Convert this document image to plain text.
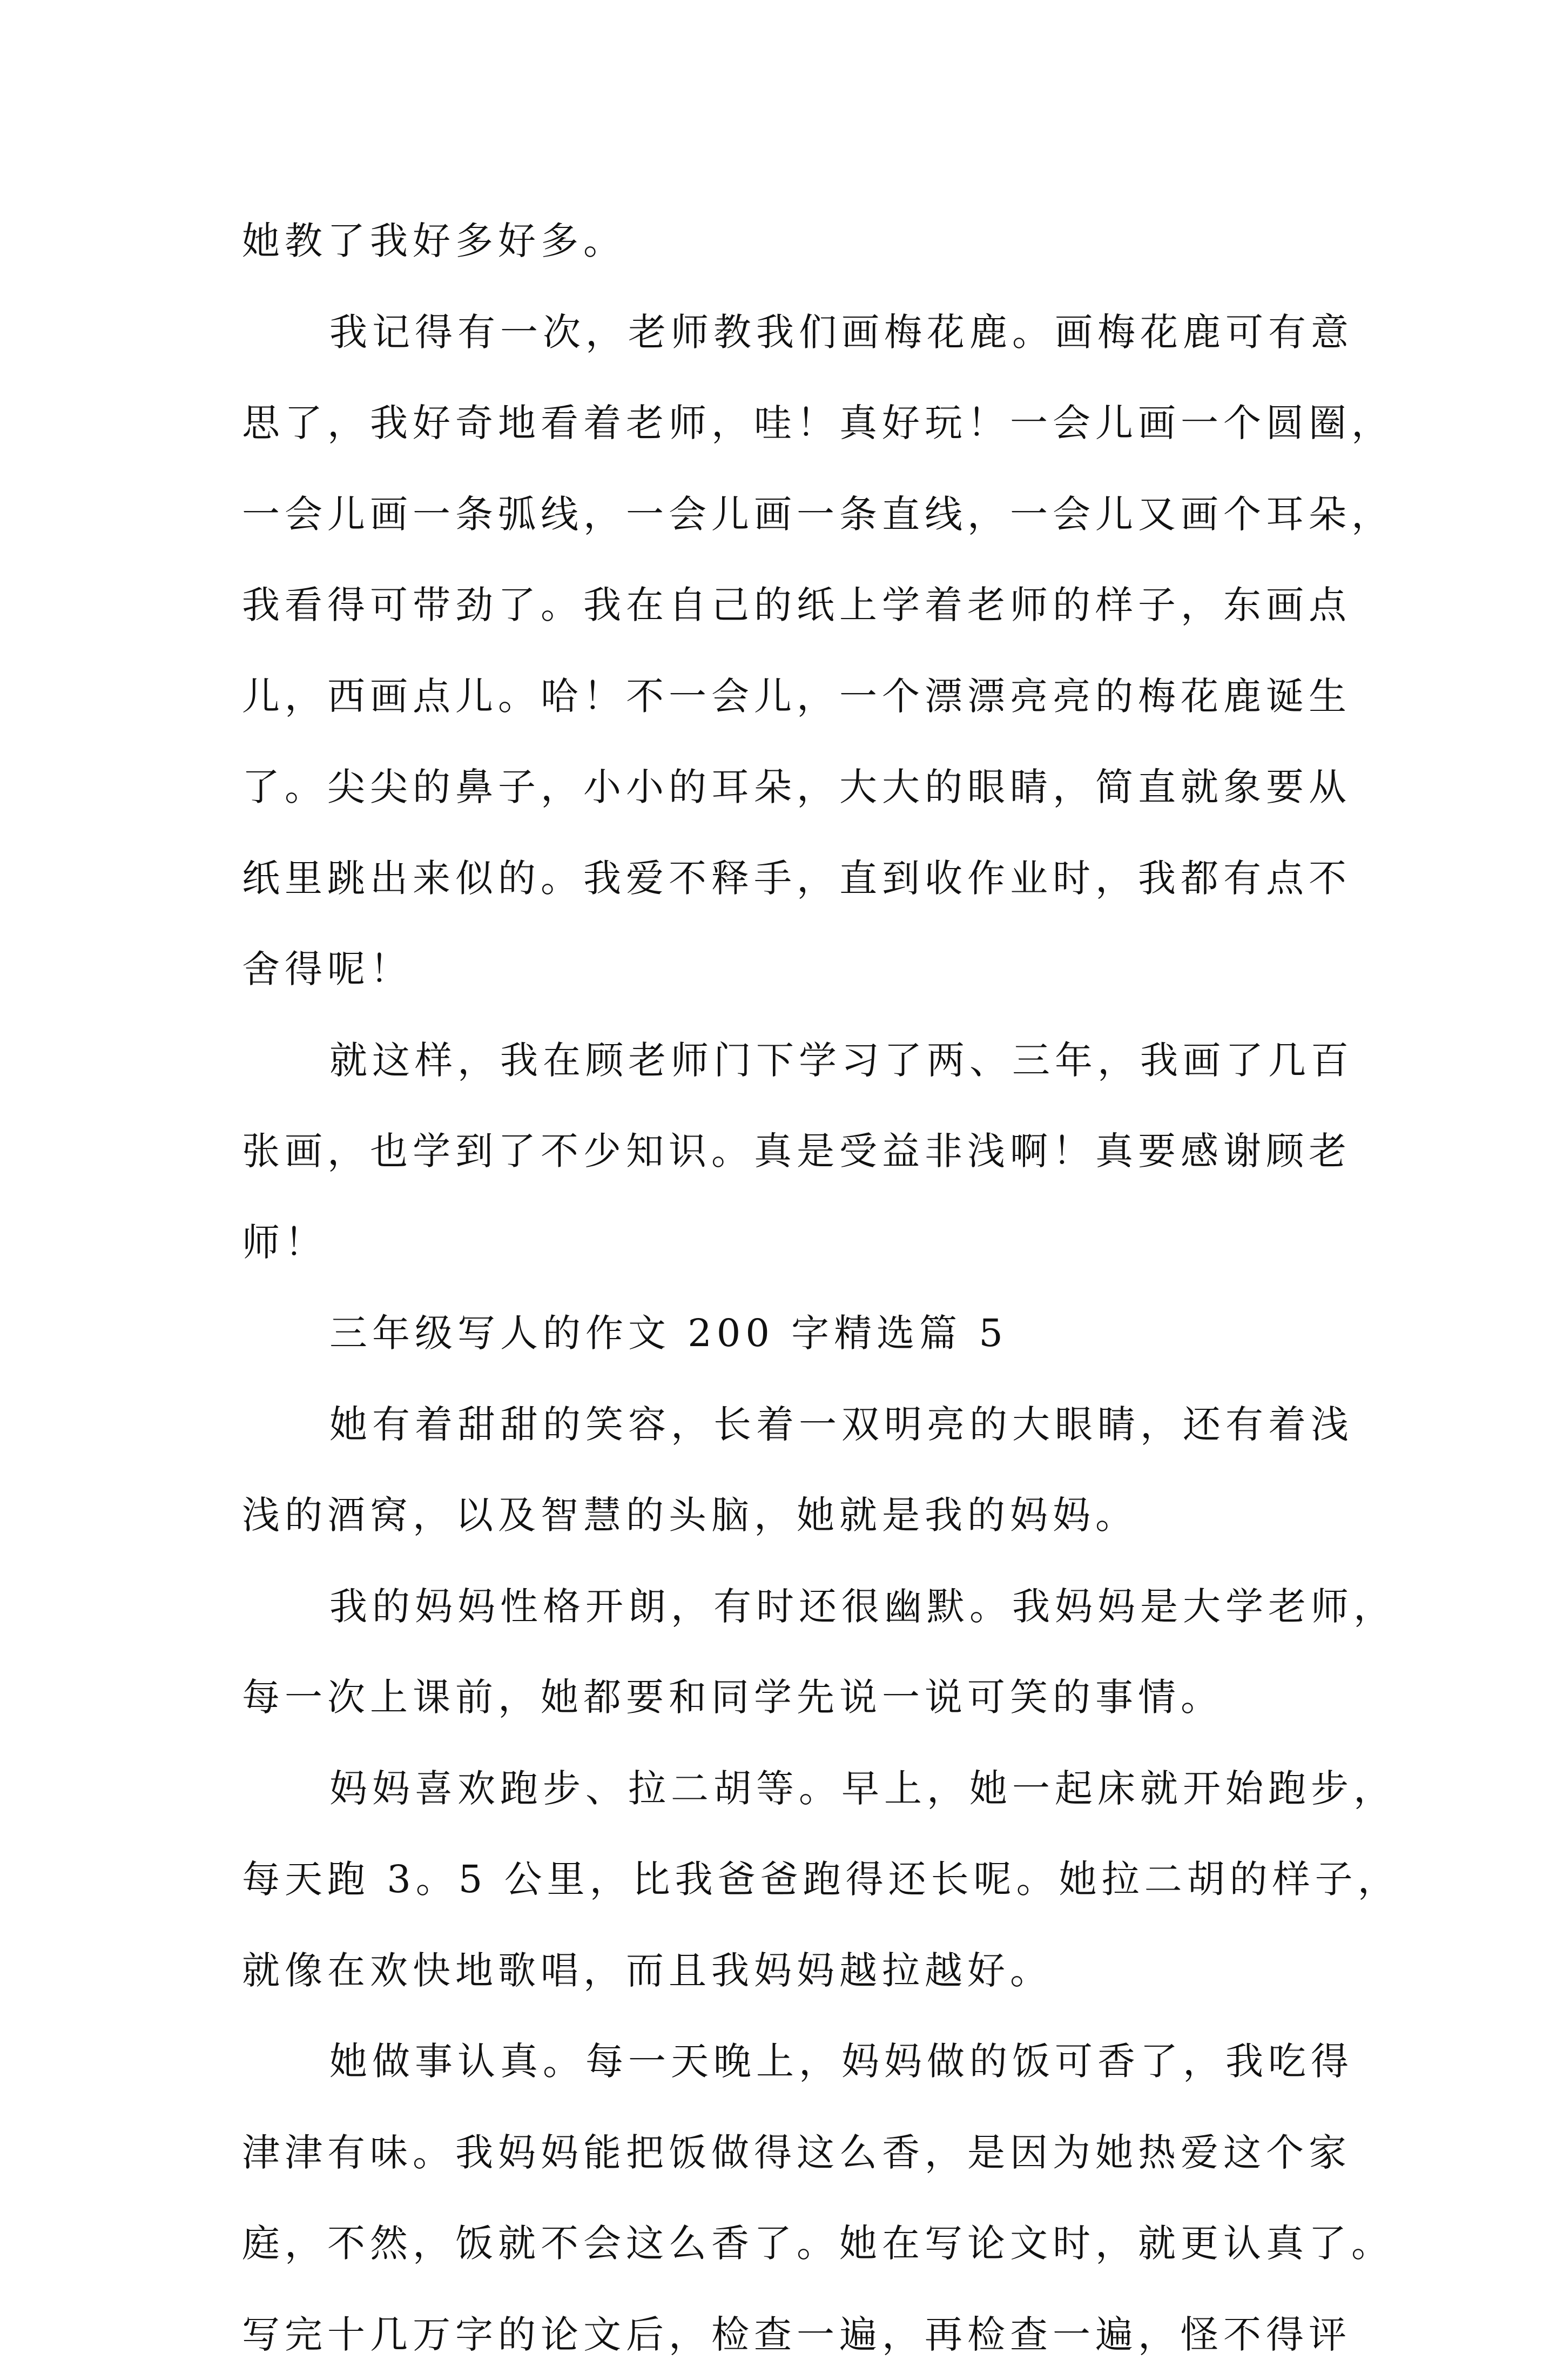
她教了我好多好多。
我记得有一次，老师教我们画梅花鹿。画梅花鹿可有意
思了，我好奇地看着老师，哇！真好玩！一会儿画一个圆圈，
一会儿画一条弧线，一会儿画一条直线，一会儿又画个耳朵，
我看得可带劲了。我在自己的纸上学着老师的样子，东画点
儿，西画点儿。哈！不一会儿，一个漂漂亮亮的梅花鹿诞生
了。尖尖的鼻子，小小的耳朵，大大的眼睛，简直就象要从
纸里跳出来似的。我爱不释手，直到收作业时，我都有点不
舍得呢！
就这样，我在顾老师门下学习了两、三年，我画了几百
张画，也学到了不少知识。真是受益非浅啊！真要感谢顾老
师！
三年级写人的作文 200 字精选篇 5
她有着甜甜的笑容，长着一双明亮的大眼睛，还有着浅
浅的酒窝，以及智慧的头脑，她就是我的妈妈。
我的妈妈性格开朗，有时还很幽默。我妈妈是大学老师，
每一次上课前，她都要和同学先说一说可笑的事情。
妈妈喜欢跑步、拉二胡等。早上，她一起床就开始跑步，
每天跑 3。5 公里，比我爸爸跑得还长呢。她拉二胡的样子，
就像在欢快地歌唱，而且我妈妈越拉越好。
她做事认真。每一天晚上，妈妈做的饭可香了，我吃得
津津有味。我妈妈能把饭做得这么香，是因为她热爱这个家
庭，不然，饭就不会这么香了。她在写论文时，就更认真了。
写完十几万字的论文后，检查一遍，再检查一遍，怪不得评
